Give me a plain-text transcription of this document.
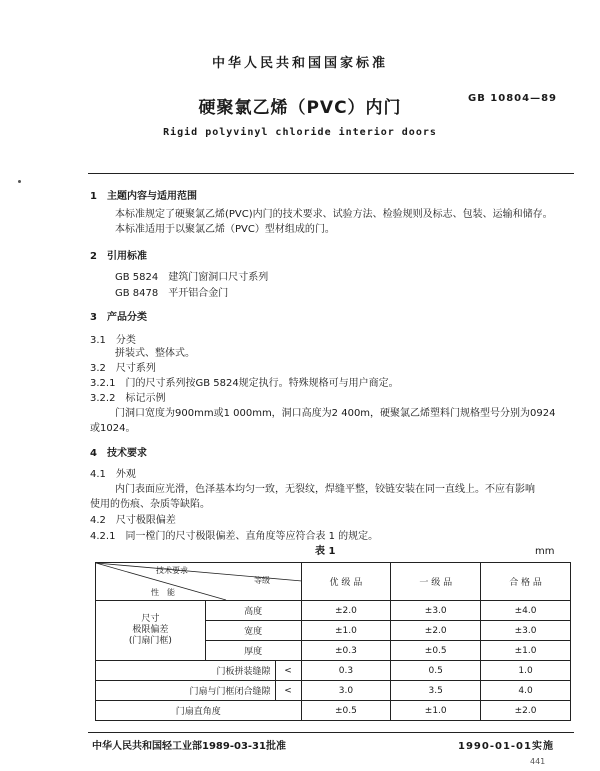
中华人民共和国国家标准
GB 10804—89
硬聚氯乙烯（PVC）内门
Rigid polyvinyl chloride interior doors
1　主题内容与适用范围
本标准规定了硬聚氯乙烯(PVC)内门的技术要求、试验方法、检验规则及标志、包装、运输和储存。
本标准适用于以聚氯乙烯（PVC）型材组成的门。
2　引用标准
GB 5824　建筑门窗洞口尺寸系列
GB 8478　平开铝合金门
3　产品分类
3.1　分类
拼装式、整体式。
3.2　尺寸系列
3.2.1　门的尺寸系列按GB 5824规定执行。特殊规格可与用户商定。
3.2.2　标记示例
门洞口宽度为900mm或1 000mm，洞口高度为2 400m，硬聚氯乙烯塑料门规格型号分别为0924
或1024。
4　技术要求
4.1　外观
内门表面应光滑，色泽基本均匀一致，无裂纹，焊缝平整，铰链安装在同一直线上。不应有影响
使用的伤痕、杂质等缺陷。
4.2　尺寸极限偏差
4.2.1　同一樘门的尺寸极限偏差、直角度等应符合表 1 的规定。
表 1	mm
技术要求
等级
性　能			优 级 品	一 级 品	合 格 品

尺寸
极限偏差
(门扇门框)	高度		±2.0	±3.0	±4.0
	宽度		±1.0	±2.0	±3.0
	厚度		±0.3	±0.5	±1.0
门板拼装缝隙		<	0.3	0.5	1.0
门扇与门框闭合缝隙		<	3.0	3.5	4.0
门扇直角度			±0.5	±1.0	±2.0
中华人民共和国轻工业部1989-03-31批准	1990-01-01实施
441
